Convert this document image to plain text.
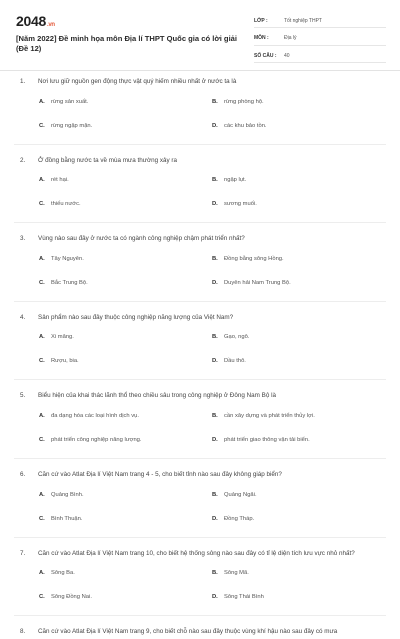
2048.vn
[Năm 2022] Đề minh họa môn Địa lí THPT Quốc gia có lời giải (Đề 12)
LỚP :	Tốt nghiệp THPT
MÔN :	Địa lý
SỐ CÂU :	40
1.	Nơi lưu giữ nguồn gen động thực vật quý hiếm nhiều nhất ở nước ta là
A.	rừng sản xuất.	B.	rừng phòng hộ.
C.	rừng ngập mặn.	D.	các khu bảo tồn.
2.	Ở đồng bằng nước ta về mùa mưa thường xảy ra
A.	rét hại.	B.	ngập lụt.
C.	thiếu nước.	D.	sương muối.
3.	Vùng nào sau đây ở nước ta có ngành công nghiệp chậm phát triển nhất?
A.	Tây Nguyên.	B.	Đồng bằng sông Hồng.
C.	Bắc Trung Bộ.	D.	Duyên hải Nam Trung Bộ.
4.	Sản phẩm nào sau đây thuộc công nghiệp năng lượng của Việt Nam?
A.	Xi măng.	B.	Gạo, ngô.
C.	Rượu, bia.	D.	Dầu thô.
5.	Biểu hiện của khai thác lãnh thổ theo chiều sâu trong công nghiệp ở Đông Nam Bộ là
A.	đa dạng hóa các loại hình dịch vụ.	B.	cần xây dựng và phát triển thủy lợi.
C.	phát triển công nghiệp năng lượng.	D.	phát triển giao thông vận tải biển.
6.	Căn cứ vào Atlat Địa lí Việt Nam trang 4 - 5, cho biết tỉnh nào sau đây không giáp biển?
A.	Quảng Bình.	B.	Quảng Ngãi.
C.	Bình Thuận.	D.	Đồng Tháp.
7.	Căn cứ vào Atlat Địa lí Việt Nam trang 10, cho biết hệ thống sông nào sau đây có tỉ lệ diện tích lưu vực nhỏ nhất?
A.	Sông Ba.	B.	Sông Mã.
C.	Sông Đồng Nai.	D.	Sông Thái Bình
8.	Căn cứ vào Atlat Địa lí Việt Nam trang 9, cho biết chỗ nào sau đây thuộc vùng khí hậu nào sau đây có mưa
